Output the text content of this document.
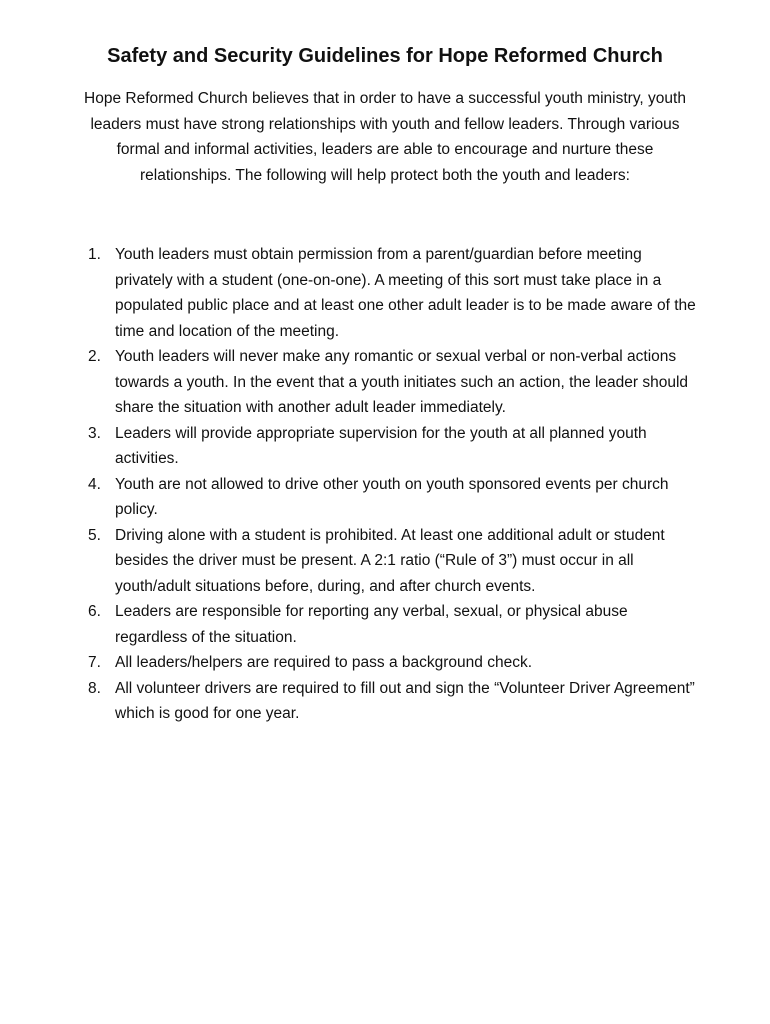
Safety and Security Guidelines for Hope Reformed Church

Hope Reformed Church believes that in order to have a successful youth ministry, youth leaders must have strong relationships with youth and fellow leaders. Through various formal and informal activities, leaders are able to encourage and nurture these relationships. The following will help protect both the youth and leaders:

1. Youth leaders must obtain permission from a parent/guardian before meeting privately with a student (one-on-one). A meeting of this sort must take place in a populated public place and at least one other adult leader is to be made aware of the time and location of the meeting.
2. Youth leaders will never make any romantic or sexual verbal or non-verbal actions towards a youth. In the event that a youth initiates such an action, the leader should share the situation with another adult leader immediately.
3. Leaders will provide appropriate supervision for the youth at all planned youth activities.
4. Youth are not allowed to drive other youth on youth sponsored events per church policy.
5. Driving alone with a student is prohibited. At least one additional adult or student besides the driver must be present. A 2:1 ratio (“Rule of 3”) must occur in all youth/adult situations before, during, and after church events.
6. Leaders are responsible for reporting any verbal, sexual, or physical abuse regardless of the situation.
7. All leaders/helpers are required to pass a background check.
8. All volunteer drivers are required to fill out and sign the “Volunteer Driver Agreement” which is good for one year.
